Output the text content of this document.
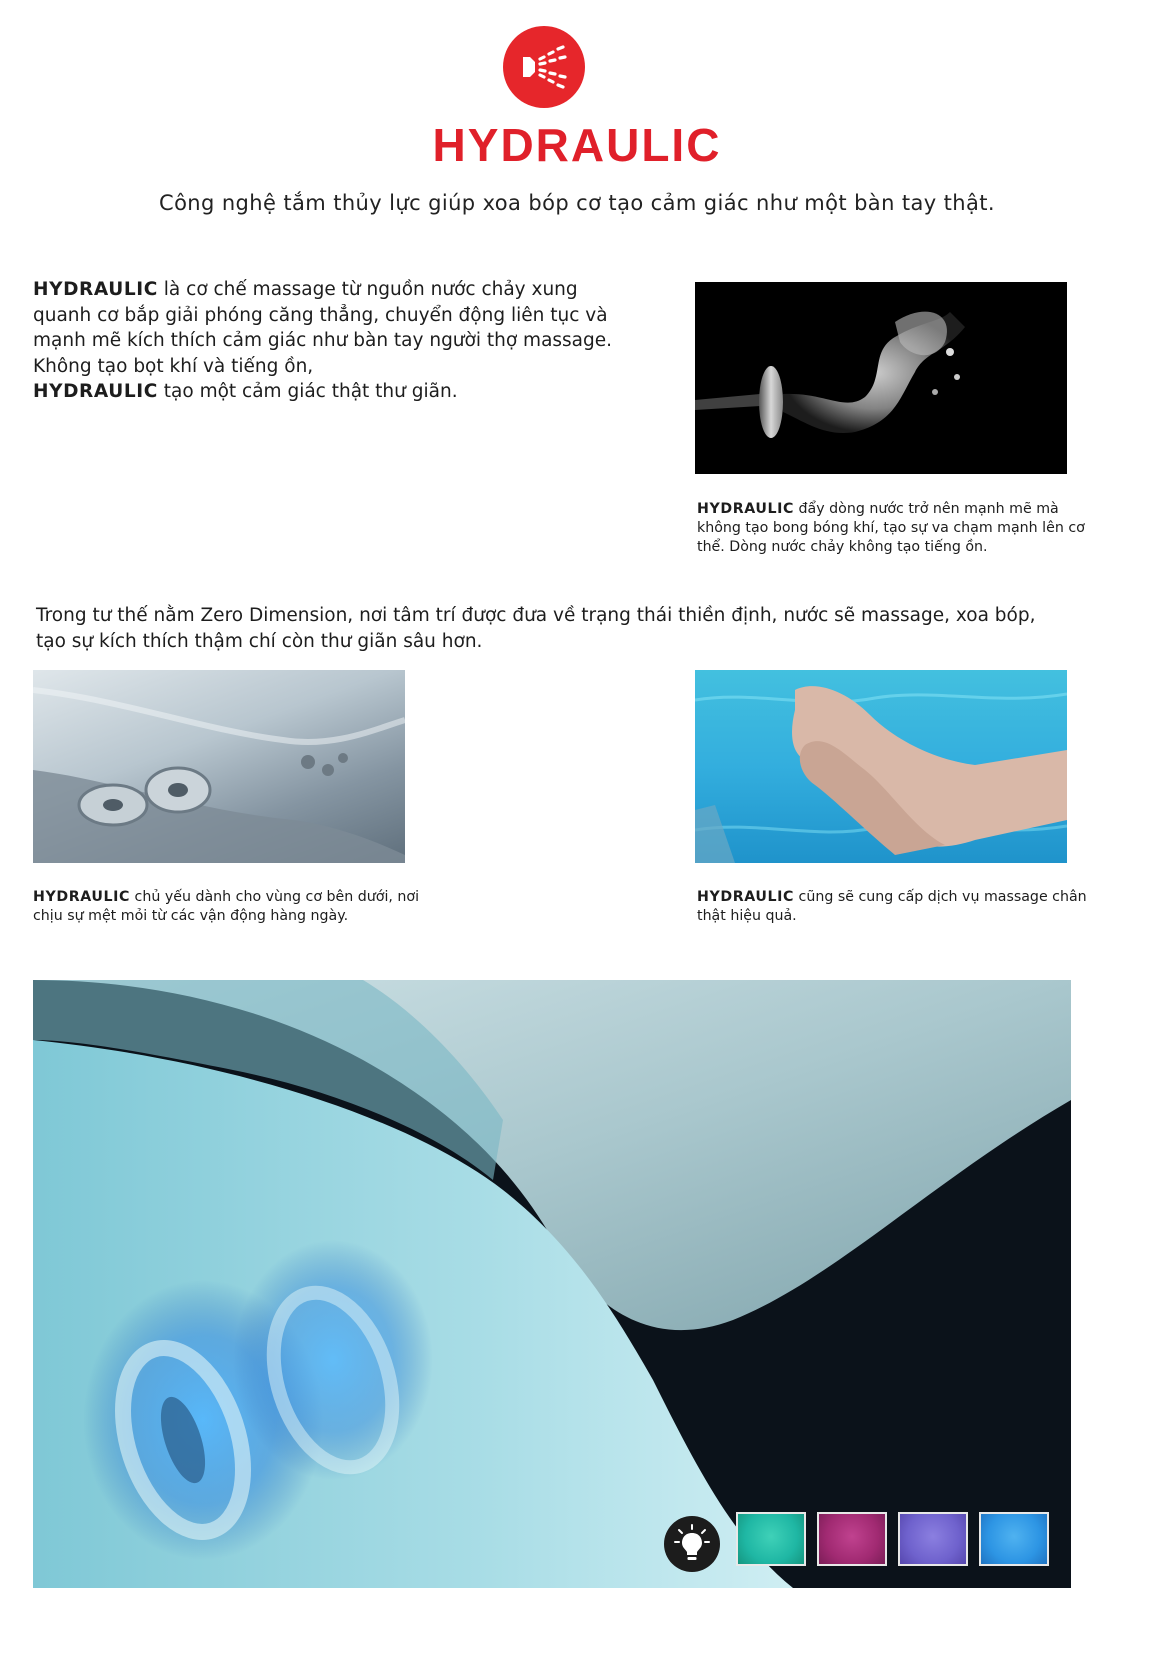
HYDRAULIC
Công nghệ tắm thủy lực giúp xoa bóp cơ tạo cảm giác như một bàn tay thật.
HYDRAULIC là cơ chế massage từ nguồn nước chảy xung quanh cơ bắp giải phóng căng thẳng, chuyển động liên tục và mạnh mẽ kích thích cảm giác như bàn tay người thợ massage. Không tạo bọt khí và tiếng ồn,
HYDRAULIC tạo một cảm giác thật thư giãn.
HYDRAULIC đẩy dòng nước trở nên mạnh mẽ mà không tạo bong bóng khí, tạo sự va chạm mạnh lên cơ thể. Dòng nước chảy không tạo tiếng ồn.
Trong tư thế nằm Zero Dimension, nơi tâm trí được đưa về trạng thái thiền định, nước sẽ massage, xoa bóp, tạo sự kích thích thậm chí còn thư giãn sâu hơn.
HYDRAULIC chủ yếu dành cho vùng cơ bên dưới, nơi chịu sự mệt mỏi từ các vận động hàng ngày.
HYDRAULIC cũng sẽ cung cấp dịch vụ massage chân thật hiệu quả.
